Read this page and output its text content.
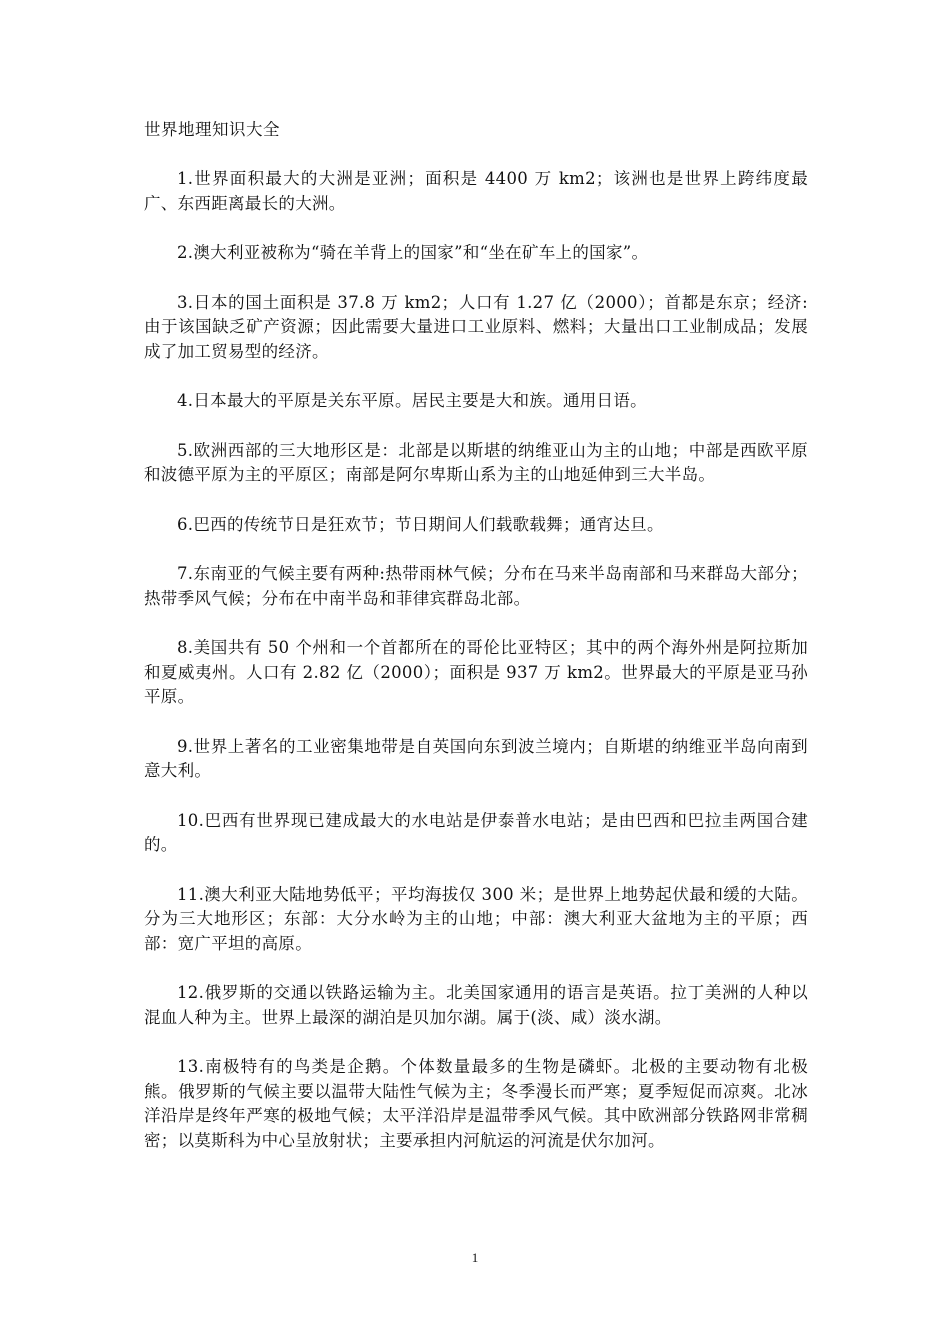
世界地理知识大全

1.世界面积最大的大洲是亚洲；面积是 4400 万 km2；该洲也是世界上跨纬度最广、东西距离最长的大洲。

2.澳大利亚被称为“骑在羊背上的国家”和“坐在矿车上的国家”。

3.日本的国土面积是 37.8 万 km2；人口有 1.27 亿（2000）；首都是东京；经济:由于该国缺乏矿产资源；因此需要大量进口工业原料、燃料；大量出口工业制成品；发展成了加工贸易型的经济。

4.日本最大的平原是关东平原。居民主要是大和族。通用日语。

5.欧洲西部的三大地形区是：北部是以斯堪的纳维亚山为主的山地；中部是西欧平原和波德平原为主的平原区；南部是阿尔卑斯山系为主的山地延伸到三大半岛。

6.巴西的传统节日是狂欢节；节日期间人们载歌载舞；通宵达旦。

7.东南亚的气候主要有两种:热带雨林气候；分布在马来半岛南部和马来群岛大部分；热带季风气候；分布在中南半岛和菲律宾群岛北部。

8.美国共有 50 个州和一个首都所在的哥伦比亚特区；其中的两个海外州是阿拉斯加和夏威夷州。人口有 2.82 亿（2000）；面积是 937 万 km2。世界最大的平原是亚马孙平原。

9.世界上著名的工业密集地带是自英国向东到波兰境内；自斯堪的纳维亚半岛向南到意大利。

10.巴西有世界现已建成最大的水电站是伊泰普水电站；是由巴西和巴拉圭两国合建的。

11.澳大利亚大陆地势低平；平均海拔仅 300 米；是世界上地势起伏最和缓的大陆。分为三大地形区；东部：大分水岭为主的山地；中部：澳大利亚大盆地为主的平原；西部：宽广平坦的高原。

12.俄罗斯的交通以铁路运输为主。北美国家通用的语言是英语。拉丁美洲的人种以混血人种为主。世界上最深的湖泊是贝加尔湖。属于(淡、咸）淡水湖。

13.南极特有的鸟类是企鹅。个体数量最多的生物是磷虾。北极的主要动物有北极熊。俄罗斯的气候主要以温带大陆性气候为主；冬季漫长而严寒；夏季短促而凉爽。北冰洋沿岸是终年严寒的极地气候；太平洋沿岸是温带季风气候。其中欧洲部分铁路网非常稠密；以莫斯科为中心呈放射状；主要承担内河航运的河流是伏尔加河。

1
